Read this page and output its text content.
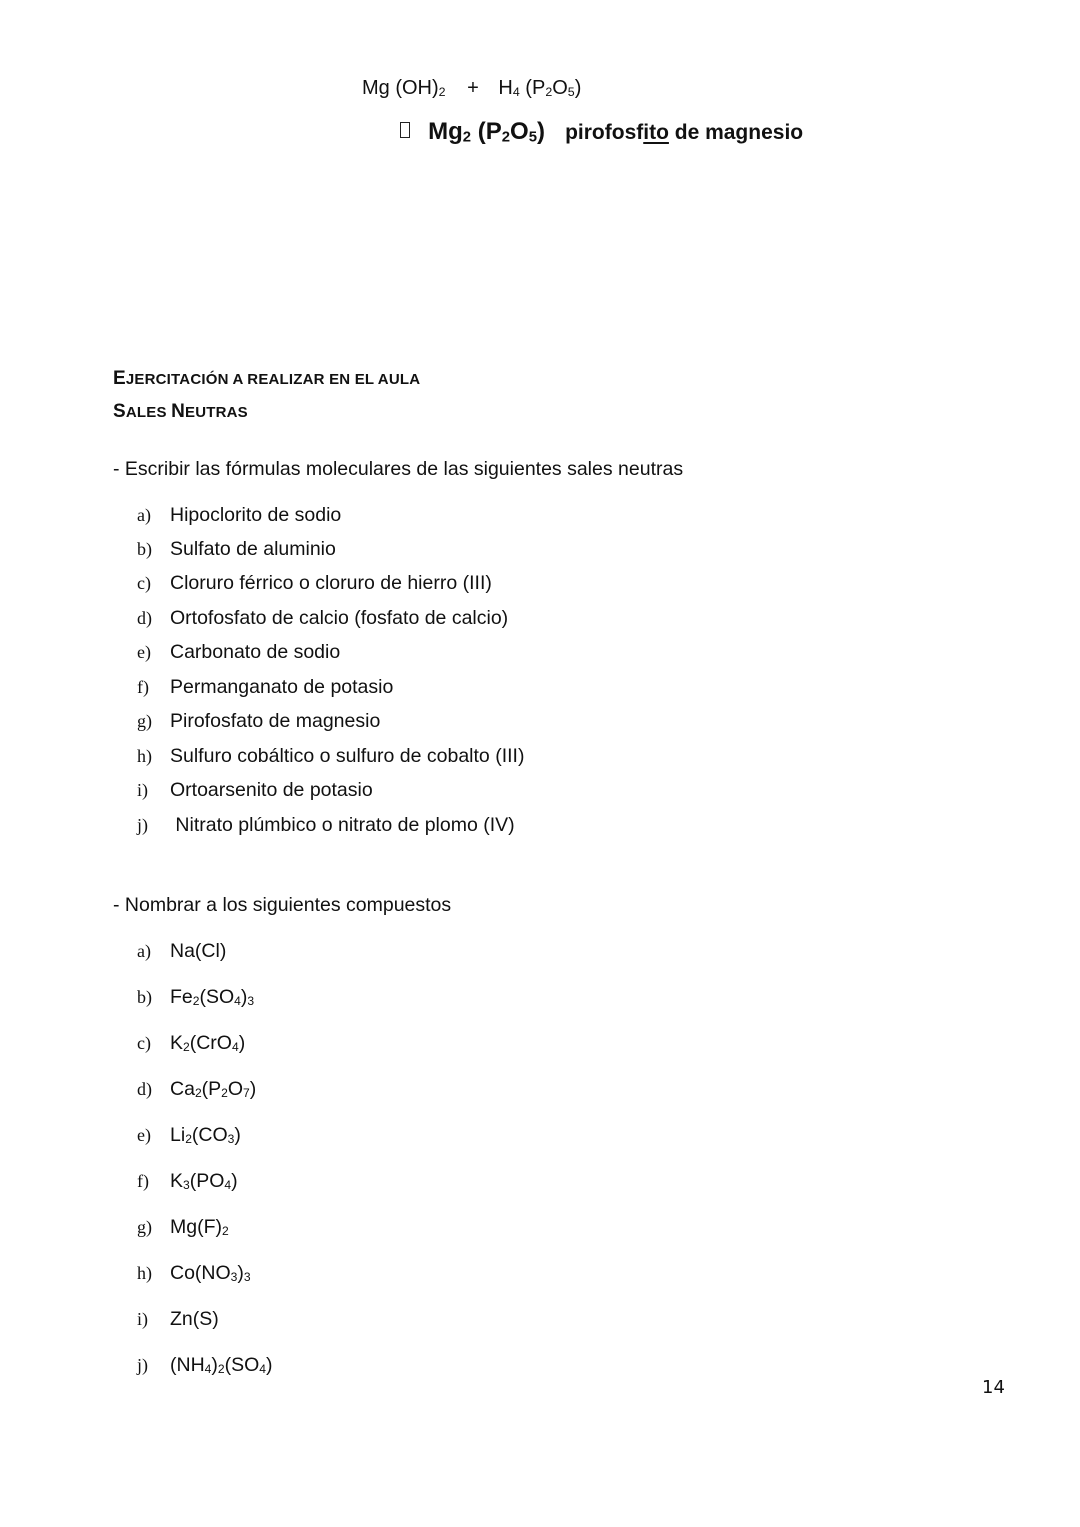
Mg $(OH)_2 + H_4$ $(P_2O_5)$
$Mg_2$ $(P_2O_5)$ pirofosfito de magnesio
EJERCITACIÓN A REALIZAR EN EL AULA
SALES NEUTRAS
- Escribir las fórmulas moleculares de las siguientes sales neutras
a) Hipoclorito de sodio
b) Sulfato de aluminio
c) Cloruro férrico o cloruro de hierro (III)
d) Ortofosfato de calcio (fosfato de calcio)
e) Carbonato de sodio
f) Permanganato de potasio
g) Pirofosfato de magnesio
h) Sulfuro cobáltico o sulfuro de cobalto (III)
i) Ortoarsenito de potasio
j) Nitrato plúmbico o nitrato de plomo (IV)
- Nombrar a los siguientes compuestos
a) Na(Cl)
b) $Fe_2(SO_4)_3$
c) $K_2(CrO_4)$
d) $Ca_2(P_2O_7)$
e) $Li_2(CO_3)$
f) $K_3(PO_4)$
g) $Mg(F)_2$
h) $Co(NO_3)_3$
i) Zn(S)
j) $(NH_4)_2(SO_4)$
14
